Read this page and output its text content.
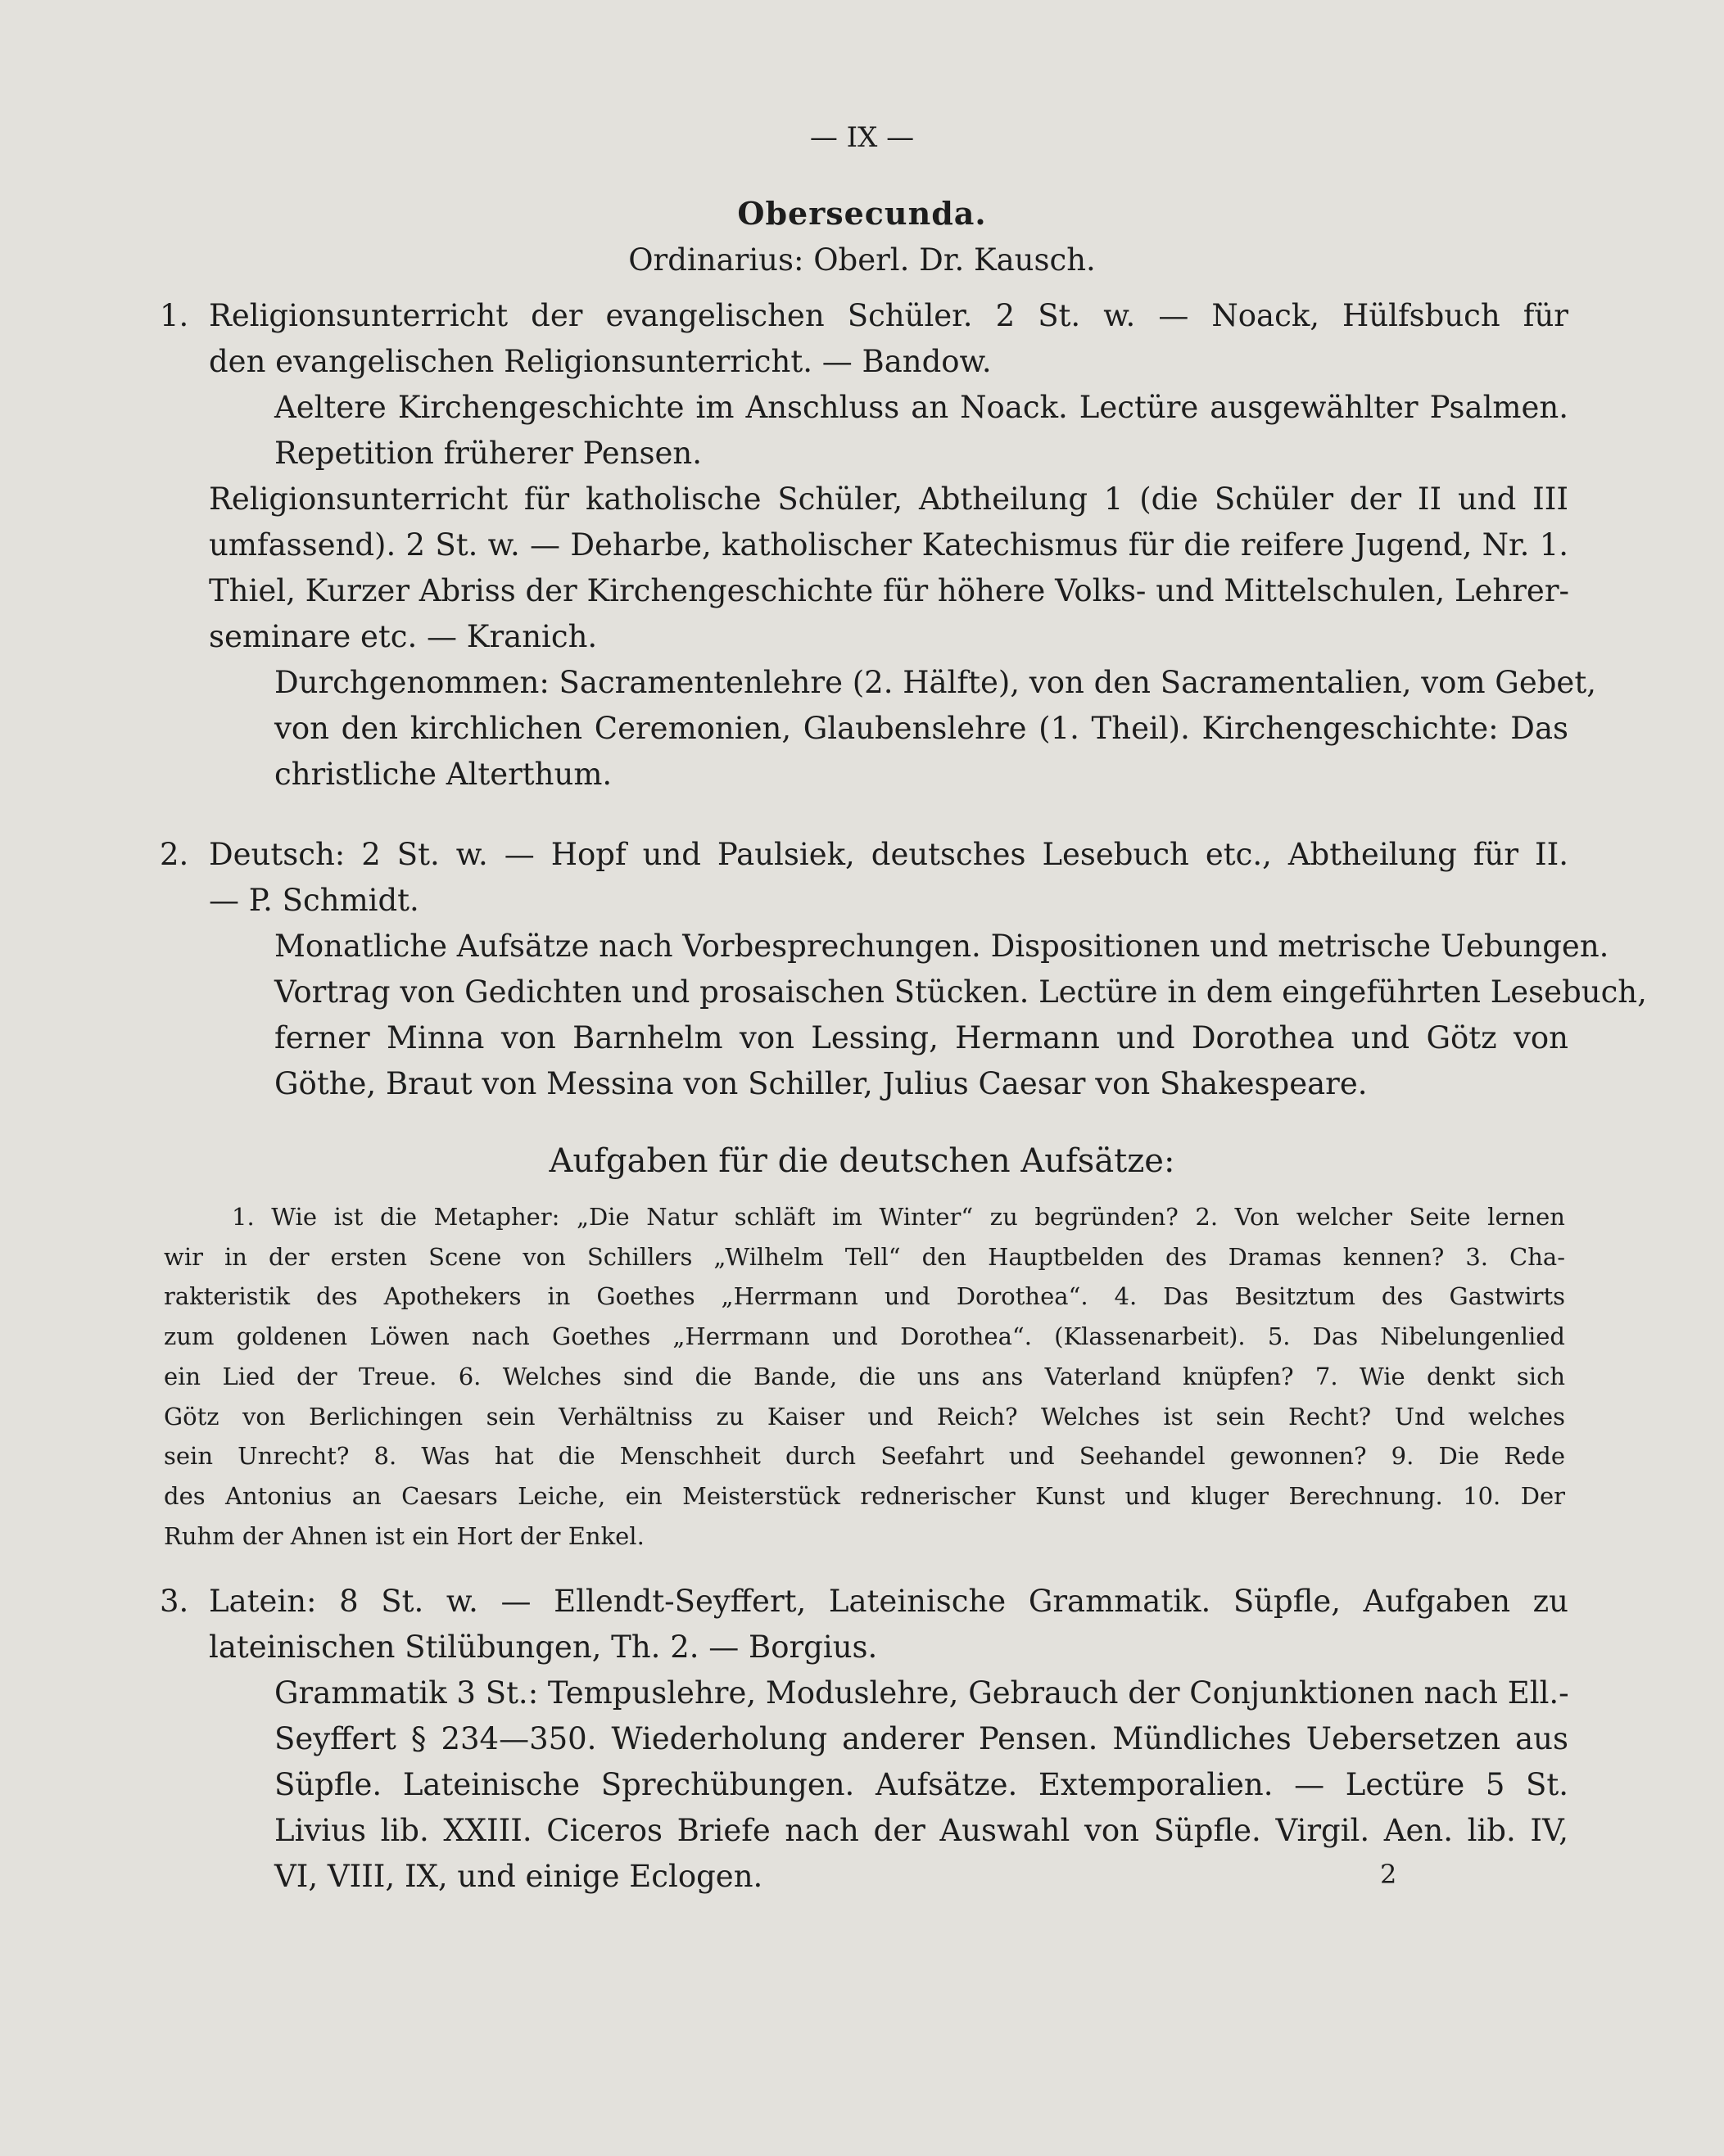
— IX —
Obersecunda.
Ordinarius: Oberl. Dr. Kausch.
1. Religionsunterricht der evangelischen Schüler. 2 St. w. — Noack, Hülfsbuch für
den evangelischen Religionsunterricht. — Bandow.
Aeltere Kirchengeschichte im Anschluss an Noack. Lectüre ausgewählter Psalmen.
Repetition früherer Pensen.
Religionsunterricht für katholische Schüler, Abtheilung 1 (die Schüler der II und III
umfassend). 2 St. w. — Deharbe, katholischer Katechismus für die reifere Jugend, Nr. 1.
Thiel, Kurzer Abriss der Kirchengeschichte für höhere Volks- und Mittelschulen, Lehrer-
seminare etc. — Kranich.
Durchgenommen: Sacramentenlehre (2. Hälfte), von den Sacramentalien, vom Gebet,
von den kirchlichen Ceremonien, Glaubenslehre (1. Theil). Kirchengeschichte: Das
christliche Alterthum.
2. Deutsch: 2 St. w. — Hopf und Paulsiek, deutsches Lesebuch etc., Abtheilung für II.
— P. Schmidt.
Monatliche Aufsätze nach Vorbesprechungen. Dispositionen und metrische Uebungen.
Vortrag von Gedichten und prosaischen Stücken. Lectüre in dem eingeführten Lesebuch,
ferner Minna von Barnhelm von Lessing, Hermann und Dorothea und Götz von
Göthe, Braut von Messina von Schiller, Julius Caesar von Shakespeare.
Aufgaben für die deutschen Aufsätze:
1. Wie ist die Metapher: „Die Natur schläft im Winter“ zu begründen? 2. Von welcher Seite lernen
wir in der ersten Scene von Schillers „Wilhelm Tell“ den Hauptbelden des Dramas kennen? 3. Cha-
rakteristik des Apothekers in Goethes „Herrmann und Dorothea“. 4. Das Besitztum des Gastwirts
zum goldenen Löwen nach Goethes „Herrmann und Dorothea“. (Klassenarbeit). 5. Das Nibelungenlied
ein Lied der Treue. 6. Welches sind die Bande, die uns ans Vaterland knüpfen? 7. Wie denkt sich
Götz von Berlichingen sein Verhältniss zu Kaiser und Reich? Welches ist sein Recht? Und welches
sein Unrecht? 8. Was hat die Menschheit durch Seefahrt und Seehandel gewonnen? 9. Die Rede
des Antonius an Caesars Leiche, ein Meisterstück rednerischer Kunst und kluger Berechnung. 10. Der
Ruhm der Ahnen ist ein Hort der Enkel.
3. Latein: 8 St. w. — Ellendt-Seyffert, Lateinische Grammatik. Süpfle, Aufgaben zu
lateinischen Stilübungen, Th. 2. — Borgius.
Grammatik 3 St.: Tempuslehre, Moduslehre, Gebrauch der Conjunktionen nach Ell.-
Seyffert § 234—350. Wiederholung anderer Pensen. Mündliches Uebersetzen aus
Süpfle. Lateinische Sprechübungen. Aufsätze. Extemporalien. — Lectüre 5 St.
Livius lib. XXIII. Ciceros Briefe nach der Auswahl von Süpfle. Virgil. Aen. lib. IV,
VI, VIII, IX, und einige Eclogen.	2
